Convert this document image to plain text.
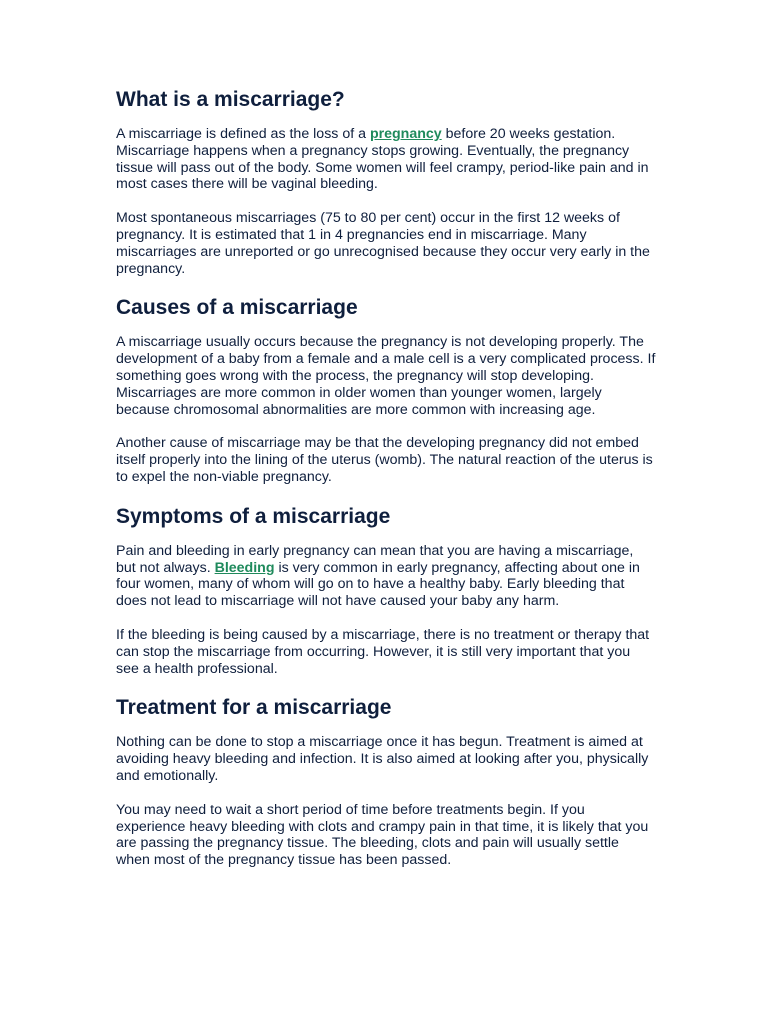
What is a miscarriage?

A miscarriage is defined as the loss of a pregnancy before 20 weeks gestation. Miscarriage happens when a pregnancy stops growing. Eventually, the pregnancy tissue will pass out of the body. Some women will feel crampy, period-like pain and in most cases there will be vaginal bleeding.

Most spontaneous miscarriages (75 to 80 per cent) occur in the first 12 weeks of pregnancy. It is estimated that 1 in 4 pregnancies end in miscarriage. Many miscarriages are unreported or go unrecognised because they occur very early in the pregnancy.

Causes of a miscarriage

A miscarriage usually occurs because the pregnancy is not developing properly. The development of a baby from a female and a male cell is a very complicated process. If something goes wrong with the process, the pregnancy will stop developing. Miscarriages are more common in older women than younger women, largely because chromosomal abnormalities are more common with increasing age.

Another cause of miscarriage may be that the developing pregnancy did not embed itself properly into the lining of the uterus (womb). The natural reaction of the uterus is to expel the non-viable pregnancy.

Symptoms of a miscarriage

Pain and bleeding in early pregnancy can mean that you are having a miscarriage, but not always. Bleeding is very common in early pregnancy, affecting about one in four women, many of whom will go on to have a healthy baby. Early bleeding that does not lead to miscarriage will not have caused your baby any harm.

If the bleeding is being caused by a miscarriage, there is no treatment or therapy that can stop the miscarriage from occurring. However, it is still very important that you see a health professional.

Treatment for a miscarriage

Nothing can be done to stop a miscarriage once it has begun. Treatment is aimed at avoiding heavy bleeding and infection. It is also aimed at looking after you, physically and emotionally.

You may need to wait a short period of time before treatments begin. If you experience heavy bleeding with clots and crampy pain in that time, it is likely that you are passing the pregnancy tissue. The bleeding, clots and pain will usually settle when most of the pregnancy tissue has been passed.
